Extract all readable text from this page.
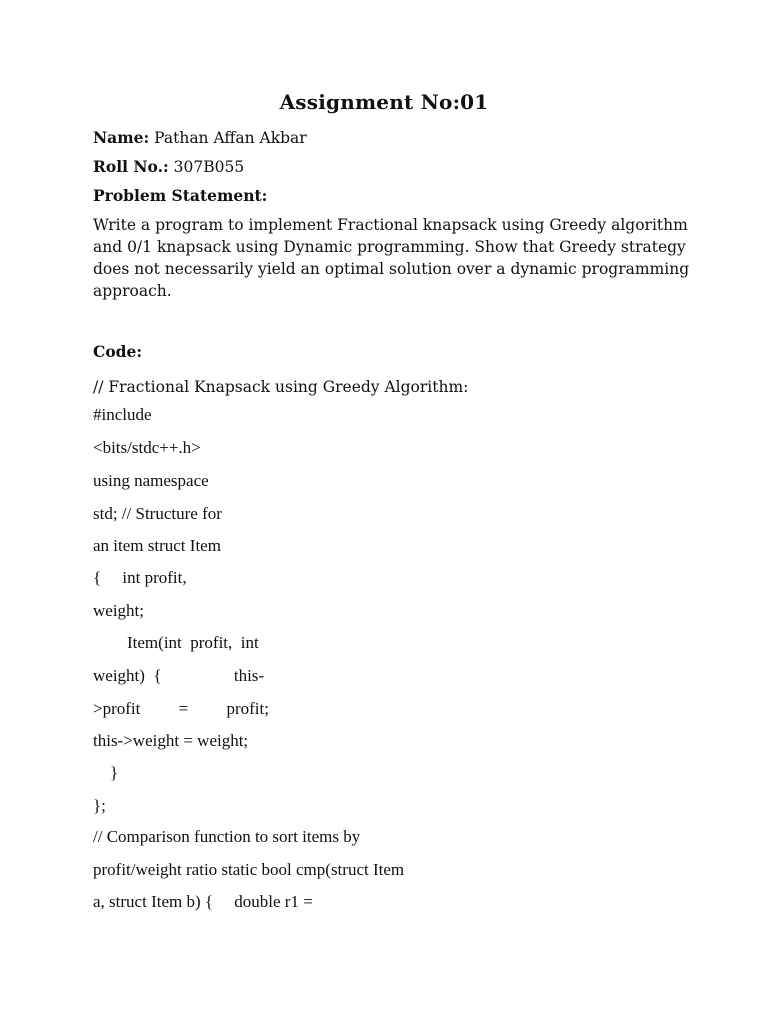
Assignment No:01
Name: Pathan Affan Akbar
Roll No.: 307B055
Problem Statement:
Write a program to implement Fractional knapsack using Greedy algorithm
and 0/1 knapsack using Dynamic programming. Show that Greedy strategy
does not necessarily yield an optimal solution over a dynamic programming
approach.
Code:
// Fractional Knapsack using Greedy Algorithm:
#include
<bits/stdc++.h>
using namespace
std; // Structure for
an item struct Item
{     int profit,
weight;
Item(int  profit,  int
weight)  {                 this-
>profit         =         profit;
this->weight = weight;
}
};
// Comparison function to sort items by
profit/weight ratio static bool cmp(struct Item
a, struct Item b) {     double r1 =
